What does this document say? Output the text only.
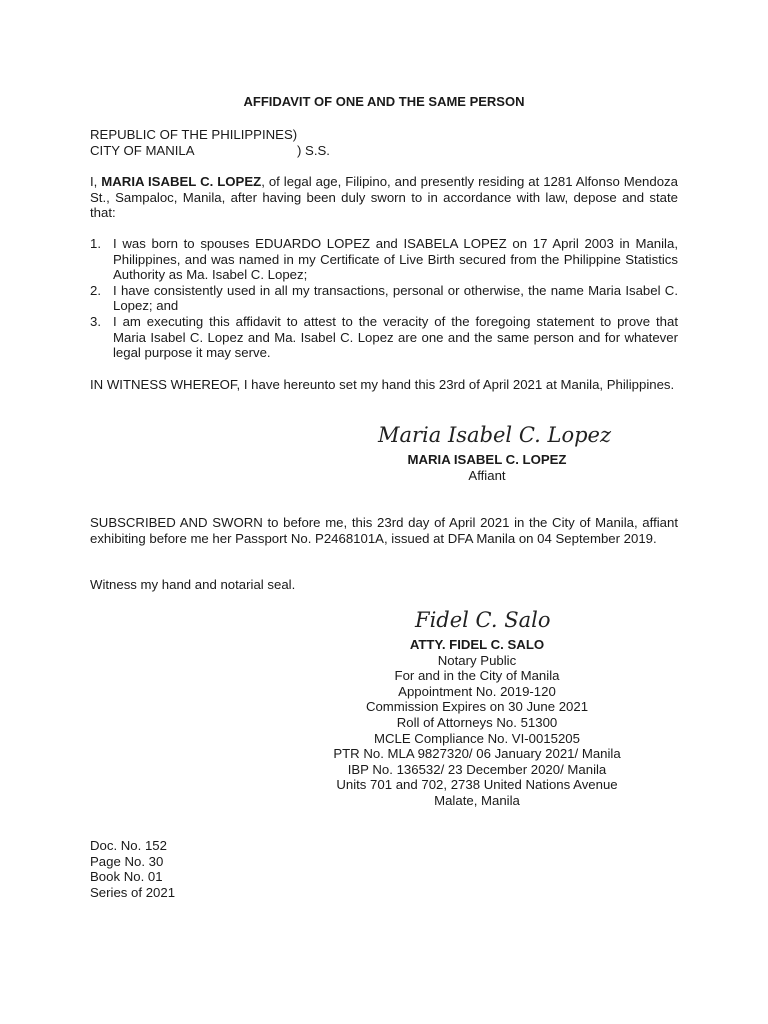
AFFIDAVIT OF ONE AND THE SAME PERSON
REPUBLIC OF THE PHILIPPINES)
CITY OF MANILA	) S.S.
I, MARIA ISABEL C. LOPEZ, of legal age, Filipino, and presently residing at 1281 Alfonso Mendoza St., Sampaloc, Manila, after having been duly sworn to in accordance with law, depose and state that:
1. I was born to spouses EDUARDO LOPEZ and ISABELA LOPEZ on 17 April 2003 in Manila, Philippines, and was named in my Certificate of Live Birth secured from the Philippine Statistics Authority as Ma. Isabel C. Lopez;
2. I have consistently used in all my transactions, personal or otherwise, the name Maria Isabel C. Lopez; and
3. I am executing this affidavit to attest to the veracity of the foregoing statement to prove that Maria Isabel C. Lopez and Ma. Isabel C. Lopez are one and the same person and for whatever legal purpose it may serve.
IN WITNESS WHEREOF, I have hereunto set my hand this 23rd of April 2021 at Manila, Philippines.
Maria Isabel C. Lopez
MARIA ISABEL C. LOPEZ
Affiant
SUBSCRIBED AND SWORN to before me, this 23rd day of April 2021 in the City of Manila, affiant exhibiting before me her Passport No. P2468101A, issued at DFA Manila on 04 September 2019.
Witness my hand and notarial seal.
Fidel C. Salo
ATTY. FIDEL C. SALO
Notary Public
For and in the City of Manila
Appointment No. 2019-120
Commission Expires on 30 June 2021
Roll of Attorneys No. 51300
MCLE Compliance No. VI-0015205
PTR No. MLA 9827320/ 06 January 2021/ Manila
IBP No. 136532/ 23 December 2020/ Manila
Units 701 and 702, 2738 United Nations Avenue
Malate, Manila
Doc. No. 152
Page No. 30
Book No. 01
Series of 2021
